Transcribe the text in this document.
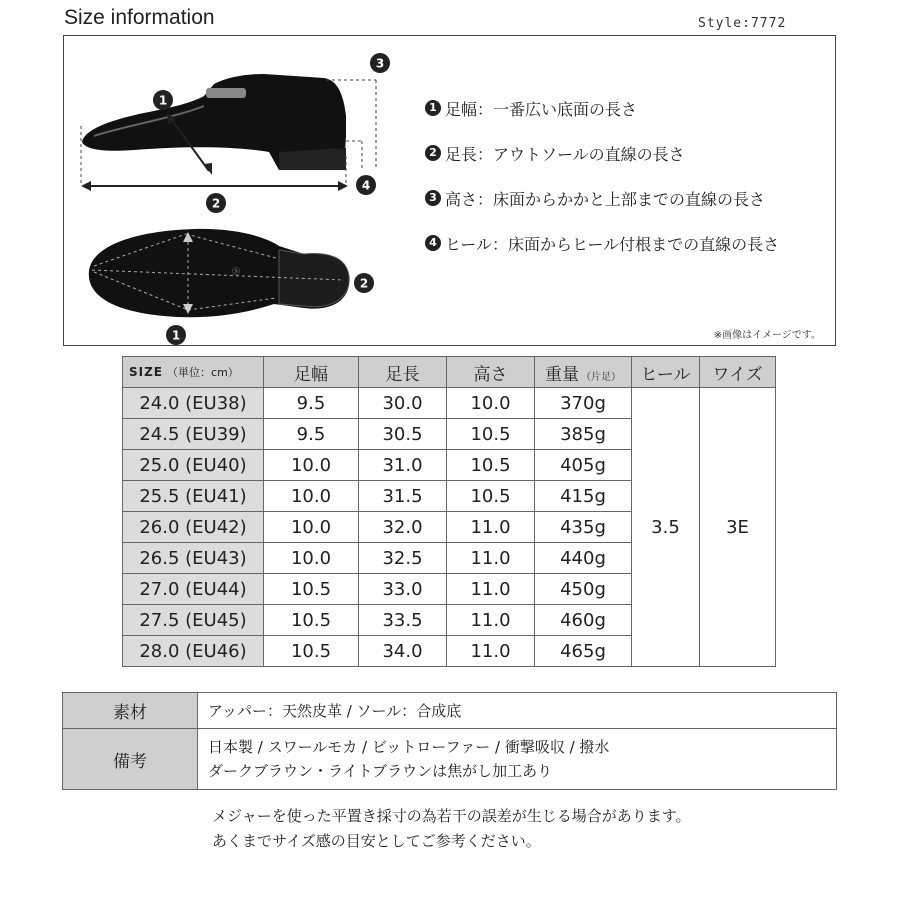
Size information	Style:7772
Ⓢ
1
2
3
4
1
2
※画像はイメージです。
1 足幅：一番広い底面の長さ
2 足長：アウトソールの直線の長さ
3 高さ：床面からかかと上部までの直線の長さ
4 ヒール：床面からヒール付根までの直線の長さ
SIZE （単位：cm）	足幅	足長	高さ	重量 （片足）	ヒール	ワイズ
24.0 (EU38)	9.5	30.0	10.0	370g	3.5	3E
24.5 (EU39)	9.5	30.5	10.5	385g		
25.0 (EU40)	10.0	31.0	10.5	405g		
25.5 (EU41)	10.0	31.5	10.5	415g		
26.0 (EU42)	10.0	32.0	11.0	435g		
26.5 (EU43)	10.0	32.5	11.0	440g		
27.0 (EU44)	10.5	33.0	11.0	450g		
27.5 (EU45)	10.5	33.5	11.0	460g		
28.0 (EU46)	10.5	34.0	11.0	465g		
素材	アッパー：天然皮革 / ソール：合成底
備考	日本製 / スワールモカ / ビットローファー / 衝撃吸収 / 撥水
ダークブラウン・ライトブラウンは焦がし加工あり
メジャーを使った平置き採寸の為若干の誤差が生じる場合があります。
あくまでサイズ感の目安としてご参考ください。
